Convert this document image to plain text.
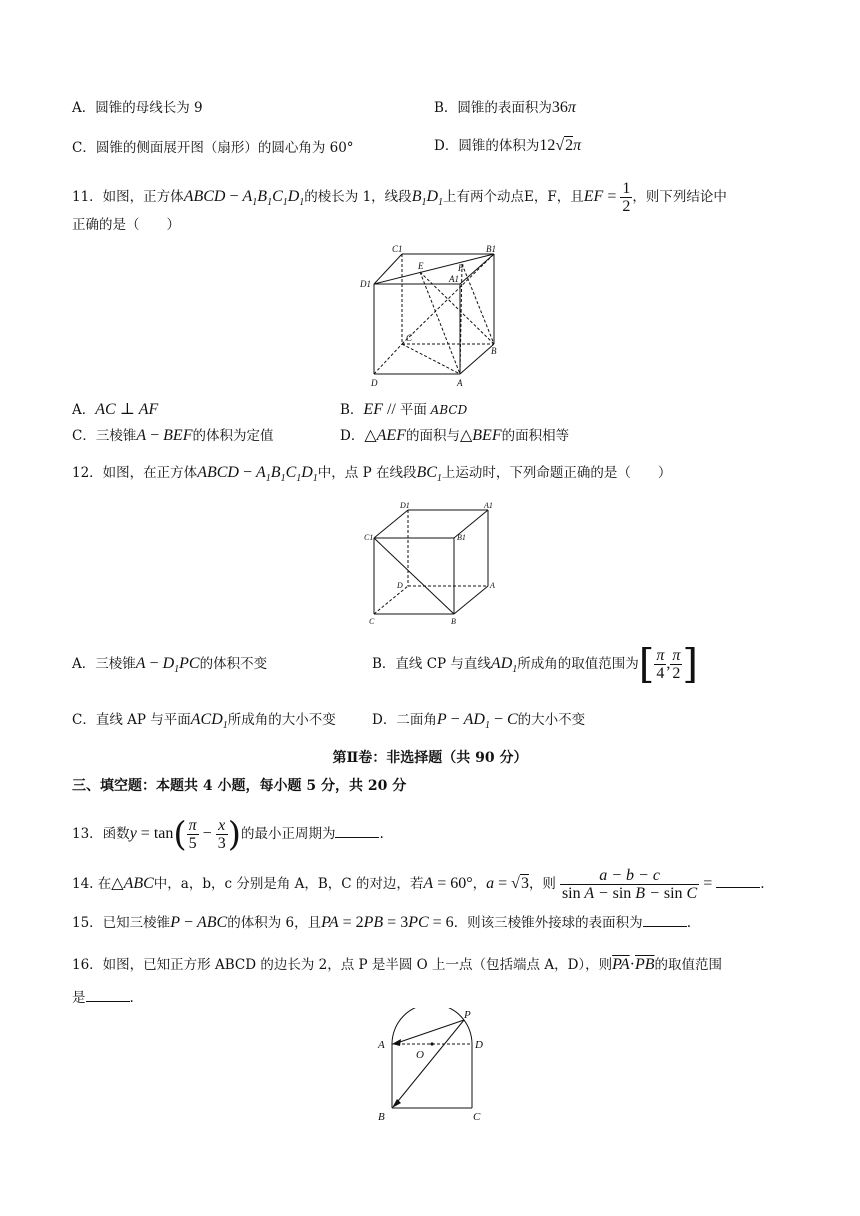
A．圆锥的母线长为 9	B．圆锥的表面积为36π
C．圆锥的侧面展开图（扇形）的圆心角为 60°	D．圆锥的体积为12√2π
11．如图，正方体ABCD − $A_1B_1C_1D_1$的棱长为 1，线段$B_1D_1$上有两个动点E，F，且EF = $\frac{1}{2}$ ，则下列结论中
正确的是（　　）
C1	B1
D1
E	F
A1
C
B
D	A
A．AC ⊥ AF	B．EF // 平面 ABCD
C．三棱锥A − BEF的体积为定值	D．△AEF的面积与△BEF的面积相等
12．如图，在正方体ABCD − $A_1B_1C_1D_1$中，点 P 在线段$BC_1$上运动时，下列命题正确的是（　　）
D1	A1
C1	B1
D	A
C	B
A．三棱锥$A - D_1PC$的体积不变	B．直线 CP 与直线$AD_1$所成角的取值范围为[ $\frac{\pi}{4}$ , $\frac{\pi}{2}$ ]
C．直线 AP 与平面$ACD_1$所成角的大小不变	D．二面角$P - AD_1 - C$的大小不变
第Ⅱ卷：非选择题（共 90 分）
三、填空题：本题共 4 小题，每小题 5 分，共 20 分
13．函数$y = \tan( \frac{\pi}{5} - \frac{x}{3}$ )的最小正周期为	.
14. 在△ABC中，a，b，c 分别是角 A，B，C 的对边，若A = 60°，a = √3，则 $\frac{a - b - c}{\text{sin A − sin B − sin C}}$ =	.
15．已知三棱锥P − ABC的体积为 6，且PA = 2PB = 3PC = 6．则该三棱锥外接球的表面积为	.
16．如图，已知正方形 ABCD 的边长为 2，点 P 是半圆 O 上一点（包括端点 A，D），则$\overline{PA}\cdot\overline{PB}$的取值范围
是	.
P
A
O
D
B	C
